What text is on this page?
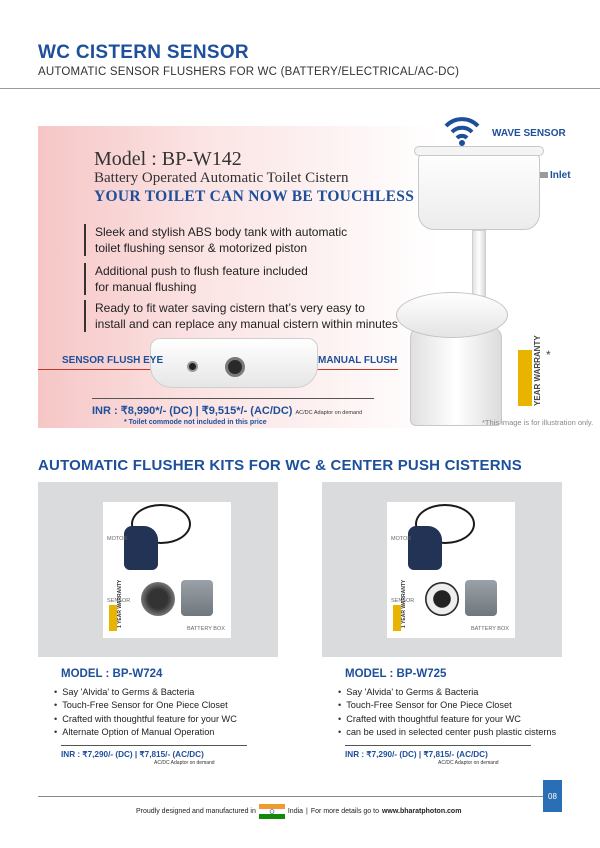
WC CISTERN SENSOR
AUTOMATIC SENSOR FLUSHERS FOR WC (BATTERY/ELECTRICAL/AC-DC)
Model : BP-W142
Battery Operated Automatic Toilet Cistern
YOUR TOILET CAN NOW BE TOUCHLESS
Sleek and stylish ABS body tank with automatic
toilet flushing sensor & motorized piston
Additional push to flush feature included
for manual flushing
Ready to fit water saving cistern that’s very easy to
install and can replace any manual cistern within minutes
SENSOR FLUSH EYE	MANUAL FLUSH
INR : ₹8,990*/- (DC) | ₹9,515*/- (AC/DC) AC/DC Adaptor on demand
* Toilet commode not included in this price
WAVE SENSOR
Inlet
YEAR WARRANTY *
*This image is for illustration only.
AUTOMATIC FLUSHER KITS FOR WC & CENTER PUSH CISTERNS
MOTOR
SENSOR
BATTERY BOX
1 YEAR WARRANTY
MODEL : BP-W724
• Say 'Alvida' to Germs & Bacteria
• Touch-Free Sensor for One Piece Closet
• Crafted with thoughtful feature for your WC
• Alternate Option of Manual Operation
INR : ₹7,290/- (DC) | ₹7,815/- (AC/DC)
AC/DC Adaptor on demand
MOTOR
SENSOR
BATTERY BOX
1 YEAR WARRANTY
MODEL : BP-W725
• Say 'Alvida' to Germs & Bacteria
• Touch-Free Sensor for One Piece Closet
• Crafted with thoughtful feature for your WC
• can be used in selected center push plastic cisterns
INR : ₹7,290/- (DC) | ₹7,815/- (AC/DC)
AC/DC Adaptor on demand
08
Proudly designed and manufactured in	India | For more details go to www.bharatphoton.com
